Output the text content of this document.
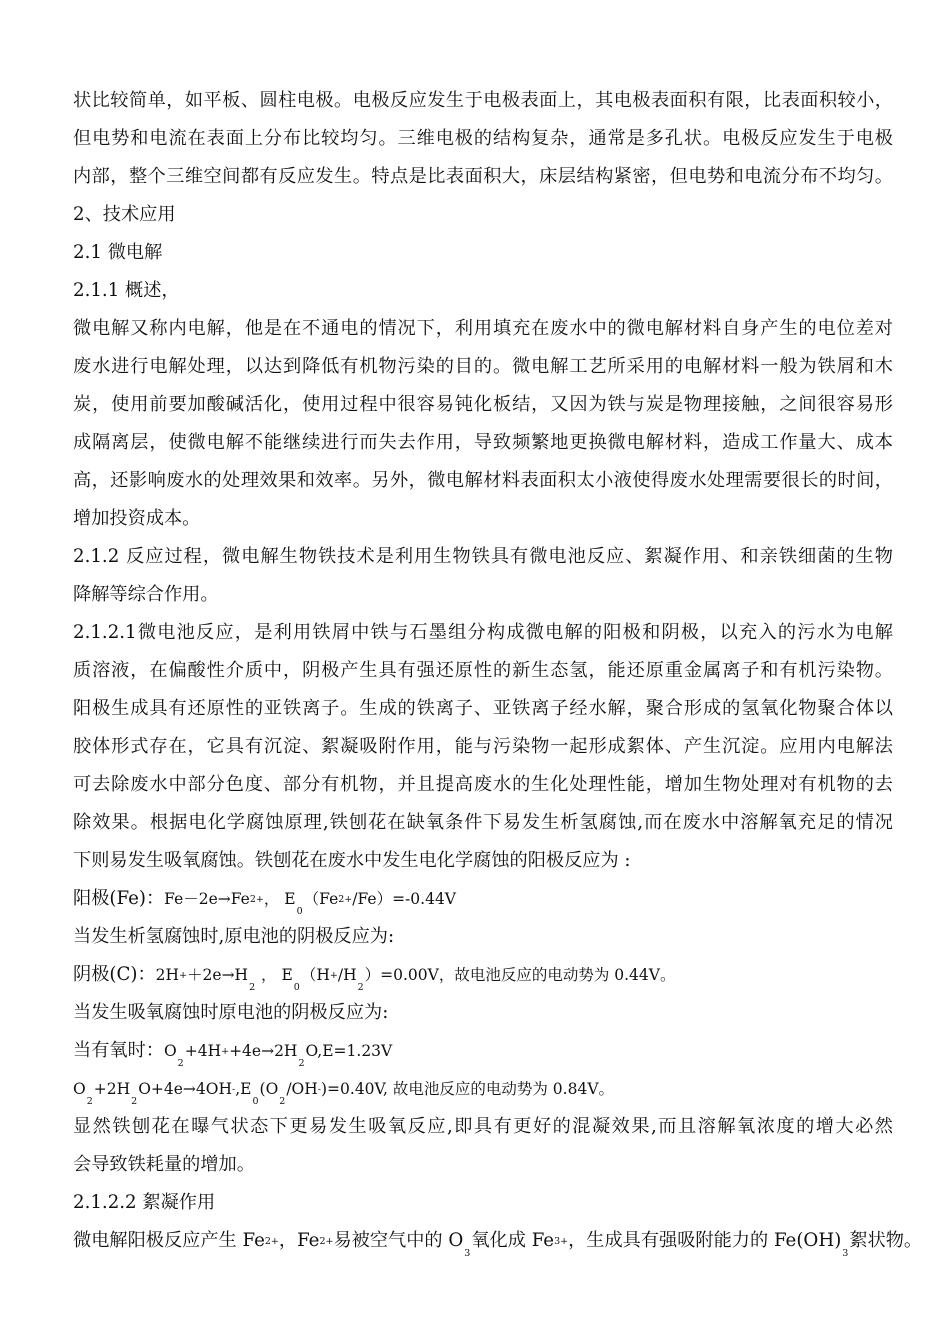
状比较简单，如平板、圆柱电极。电极反应发生于电极表面上，其电极表面积有限，比表面积较小，
但电势和电流在表面上分布比较均匀。三维电极的结构复杂，通常是多孔状。电极反应发生于电极
内部，整个三维空间都有反应发生。特点是比表面积大，床层结构紧密，但电势和电流分布不均匀。
2、技术应用
2.1 微电解
2.1.1 概述，
微电解又称内电解，他是在不通电的情况下，利用填充在废水中的微电解材料自身产生的电位差对
废水进行电解处理，以达到降低有机物污染的目的。微电解工艺所采用的电解材料一般为铁屑和木
炭，使用前要加酸碱活化，使用过程中很容易钝化板结，又因为铁与炭是物理接触，之间很容易形
成隔离层，使微电解不能继续进行而失去作用，导致频繁地更换微电解材料，造成工作量大、成本
高，还影响废水的处理效果和效率。另外，微电解材料表面积太小液使得废水处理需要很长的时间，
增加投资成本。
2.1.2 反应过程，微电解生物铁技术是利用生物铁具有微电池反应、絮凝作用、和亲铁细菌的生物
降解等综合作用。
2.1.2.1微电池反应，是利用铁屑中铁与石墨组分构成微电解的阳极和阴极，以充入的污水为电解
质溶液，在偏酸性介质中，阴极产生具有强还原性的新生态氢，能还原重金属离子和有机污染物。
阳极生成具有还原性的亚铁离子。生成的铁离子、亚铁离子经水解，聚合形成的氢氧化物聚合体以
胶体形式存在，它具有沉淀、絮凝吸附作用，能与污染物一起形成絮体、产生沉淀。应用内电解法
可去除废水中部分色度、部分有机物，并且提高废水的生化处理性能，增加生物处理对有机物的去
除效果。根据电化学腐蚀原理,铁刨花在缺氧条件下易发生析氢腐蚀,而在废水中溶解氧充足的情况
下则易发生吸氧腐蚀。铁刨花在废水中发生电化学腐蚀的阳极反应为 :
阳极(Fe)：Fe－2e→Fe2+， $E_0(Fe2+/Fe)=-0.44V$
当发生析氢腐蚀时,原电池的阴极反应为:
阴极(C)：$2H++2e\to H_2$ ， $E_0(H+/H_2)=0.00V$，故电池反应的电动势为 0.44V。
当发生吸氧腐蚀时原电池的阴极反应为:
当有氧时：$O_2+4H++4e\to 2H_2O,E=1.23V$
$O_2+2H_2O+4e\to 4OH-,E_0(O_2/OH-)=0.40V$, 故电池反应的电动势为 0.84V。
显然铁刨花在曝气状态下更易发生吸氧反应,即具有更好的混凝效果,而且溶解氧浓度的增大必然
会导致铁耗量的增加。
2.1.2.2 絮凝作用
微电解阳极反应产生 Fe2+，Fe2+易被空气中的 $O_3$氧化成 Fe3+，生成具有强吸附能力的 $Fe(OH)_3$絮状物。
